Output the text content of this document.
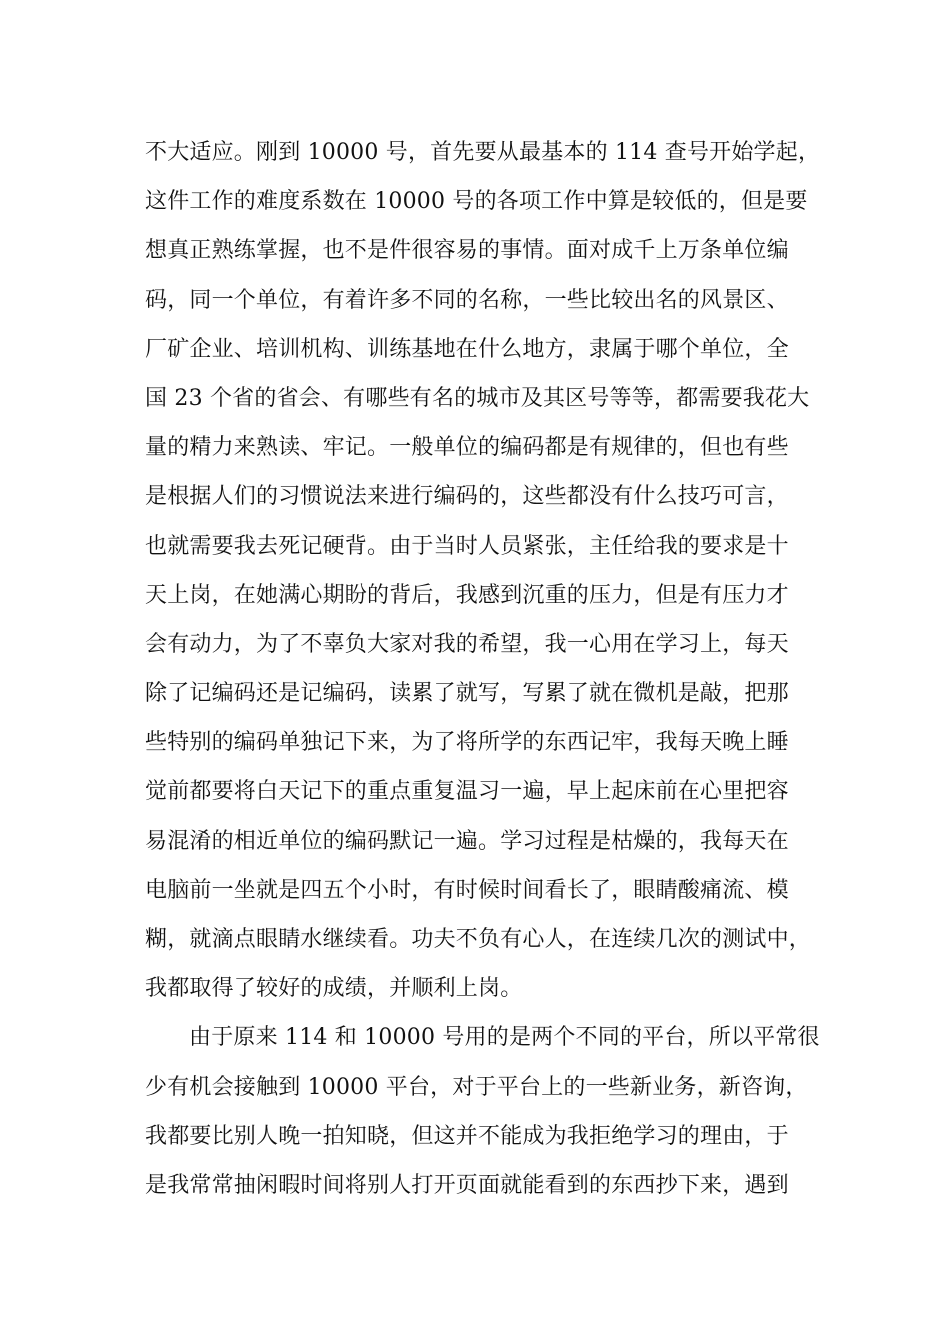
不大适应。刚到 10000 号，首先要从最基本的 114 查号开始学起，
这件工作的难度系数在 10000 号的各项工作中算是较低的，但是要
想真正熟练掌握，也不是件很容易的事情。面对成千上万条单位编
码，同一个单位，有着许多不同的名称，一些比较出名的风景区、
厂矿企业、培训机构、训练基地在什么地方，隶属于哪个单位，全
国 23 个省的省会、有哪些有名的城市及其区号等等，都需要我花大
量的精力来熟读、牢记。一般单位的编码都是有规律的，但也有些
是根据人们的习惯说法来进行编码的，这些都没有什么技巧可言，
也就需要我去死记硬背。由于当时人员紧张，主任给我的要求是十
天上岗，在她满心期盼的背后，我感到沉重的压力，但是有压力才
会有动力，为了不辜负大家对我的希望，我一心用在学习上，每天
除了记编码还是记编码，读累了就写，写累了就在微机是敲，把那
些特别的编码单独记下来，为了将所学的东西记牢，我每天晚上睡
觉前都要将白天记下的重点重复温习一遍，早上起床前在心里把容
易混淆的相近单位的编码默记一遍。学习过程是枯燥的，我每天在
电脑前一坐就是四五个小时，有时候时间看长了，眼睛酸痛流、模
糊，就滴点眼睛水继续看。功夫不负有心人，在连续几次的测试中，
我都取得了较好的成绩，并顺利上岗。
由于原来 114 和 10000 号用的是两个不同的平台，所以平常很
少有机会接触到 10000 平台，对于平台上的一些新业务，新咨询，
我都要比别人晚一拍知晓，但这并不能成为我拒绝学习的理由，于
是我常常抽闲暇时间将别人打开页面就能看到的东西抄下来，遇到
